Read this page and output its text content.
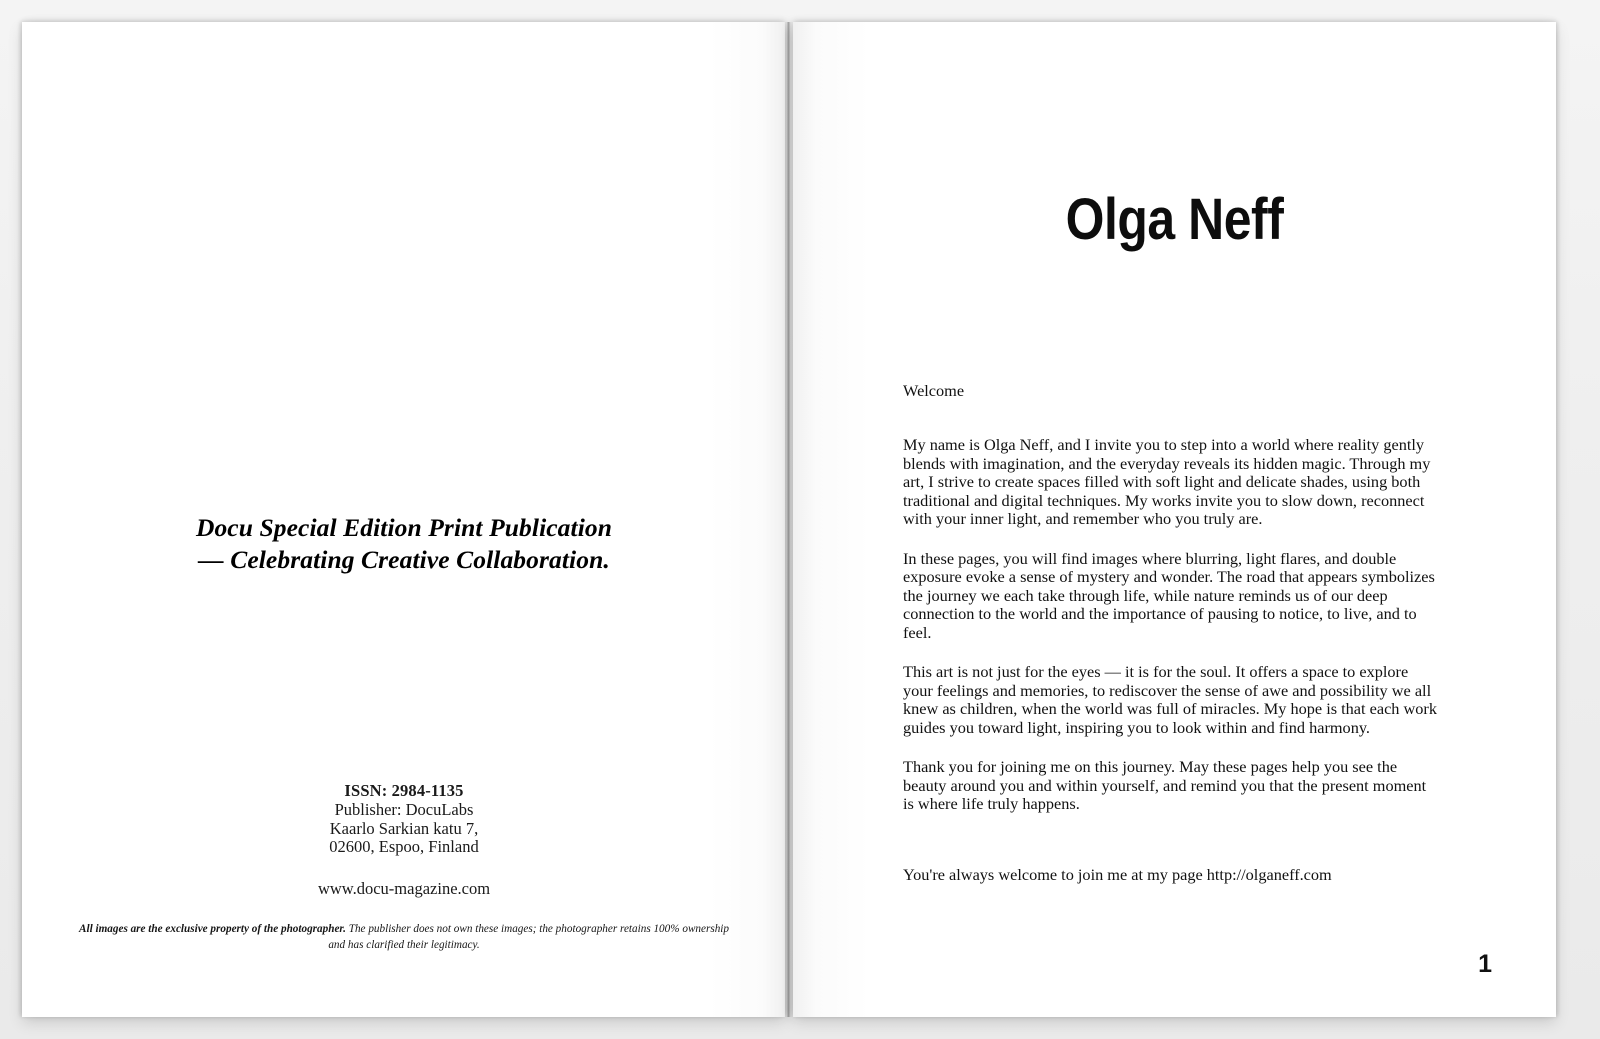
Docu Special Edition Print Publication
— Celebrating Creative Collaboration.
ISSN: 2984-1135
Publisher: DocuLabs
Kaarlo Sarkian katu 7,
02600, Espoo, Finland
www.docu-magazine.com
All images are the exclusive property of the photographer. The publisher does not own these images; the photographer retains 100% ownership and has clarified their legitimacy.
Olga Neff

Welcome

My name is Olga Neff, and I invite you to step into a world where reality gently blends with imagination, and the everyday reveals its hidden magic. Through my art, I strive to create spaces filled with soft light and delicate shades, using both traditional and digital techniques. My works invite you to slow down, reconnect with your inner light, and remember who you truly are.

In these pages, you will find images where blurring, light flares, and double exposure evoke a sense of mystery and wonder. The road that appears symbolizes the journey we each take through life, while nature reminds us of our deep connection to the world and the importance of pausing to notice, to live, and to feel.

This art is not just for the eyes — it is for the soul. It offers a space to explore your feelings and memories, to rediscover the sense of awe and possibility we all knew as children, when the world was full of miracles. My hope is that each work guides you toward light, inspiring you to look within and find harmony.

Thank you for joining me on this journey. May these pages help you see the beauty around you and within yourself, and remind you that the present moment is where life truly happens.

You're always welcome to join me at my page http://olganeff.com

1
